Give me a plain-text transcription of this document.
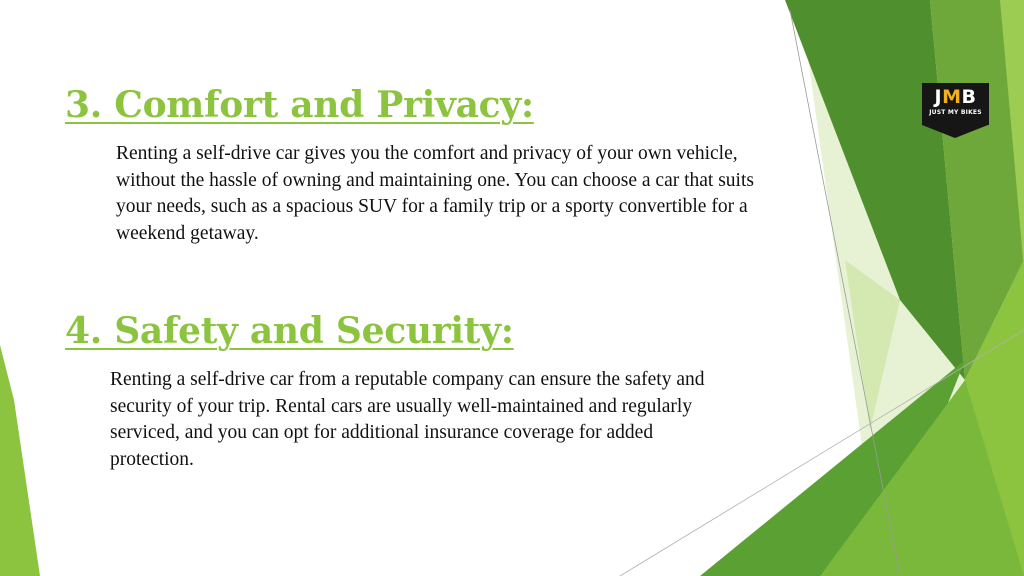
3. Comfort and Privacy:

Renting a self-drive car gives you the comfort and privacy of your own vehicle, without the hassle of owning and maintaining one. You can choose a car that suits your needs, such as a spacious SUV for a family trip or a sporty convertible for a weekend getaway.

4. Safety and Security:

Renting a self-drive car from a reputable company can ensure the safety and security of your trip. Rental cars are usually well-maintained and regularly serviced, and you can opt for additional insurance coverage for added protection.

JMB
JUST MY BIKES
